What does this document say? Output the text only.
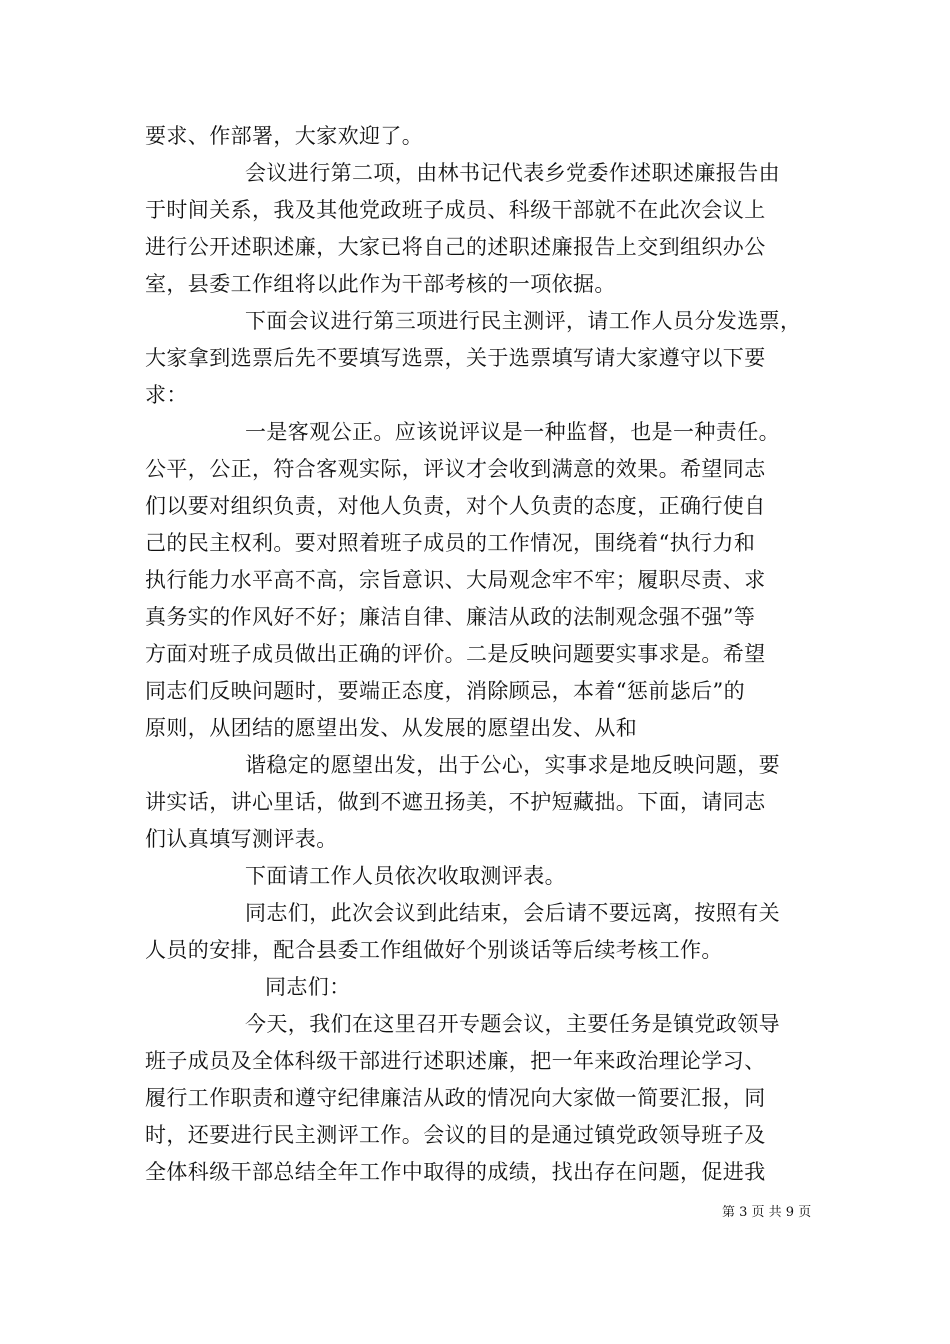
要求、作部署，大家欢迎了。
会议进行第二项，由林书记代表乡党委作述职述廉报告由
于时间关系，我及其他党政班子成员、科级干部就不在此次会议上
进行公开述职述廉，大家已将自己的述职述廉报告上交到组织办公
室，县委工作组将以此作为干部考核的一项依据。
下面会议进行第三项进行民主测评，请工作人员分发选票，
大家拿到选票后先不要填写选票，关于选票填写请大家遵守以下要
求：
一是客观公正。应该说评议是一种监督，也是一种责任。
公平，公正，符合客观实际，评议才会收到满意的效果。希望同志
们以要对组织负责，对他人负责，对个人负责的态度，正确行使自
己的民主权利。要对照着班子成员的工作情况，围绕着“执行力和
执行能力水平高不高，宗旨意识、大局观念牢不牢；履职尽责、求
真务实的作风好不好；廉洁自律、廉洁从政的法制观念强不强”等
方面对班子成员做出正确的评价。二是反映问题要实事求是。希望
同志们反映问题时，要端正态度，消除顾忌，本着“惩前毖后”的
原则，从团结的愿望出发、从发展的愿望出发、从和
谐稳定的愿望出发，出于公心，实事求是地反映问题，要
讲实话，讲心里话，做到不遮丑扬美，不护短藏拙。下面，请同志
们认真填写测评表。
下面请工作人员依次收取测评表。
同志们，此次会议到此结束，会后请不要远离，按照有关
人员的安排，配合县委工作组做好个别谈话等后续考核工作。
同志们：
今天，我们在这里召开专题会议，主要任务是镇党政领导
班子成员及全体科级干部进行述职述廉，把一年来政治理论学习、
履行工作职责和遵守纪律廉洁从政的情况向大家做一简要汇报，同
时，还要进行民主测评工作。会议的目的是通过镇党政领导班子及
全体科级干部总结全年工作中取得的成绩，找出存在问题，促进我
第 3 页 共 9 页
